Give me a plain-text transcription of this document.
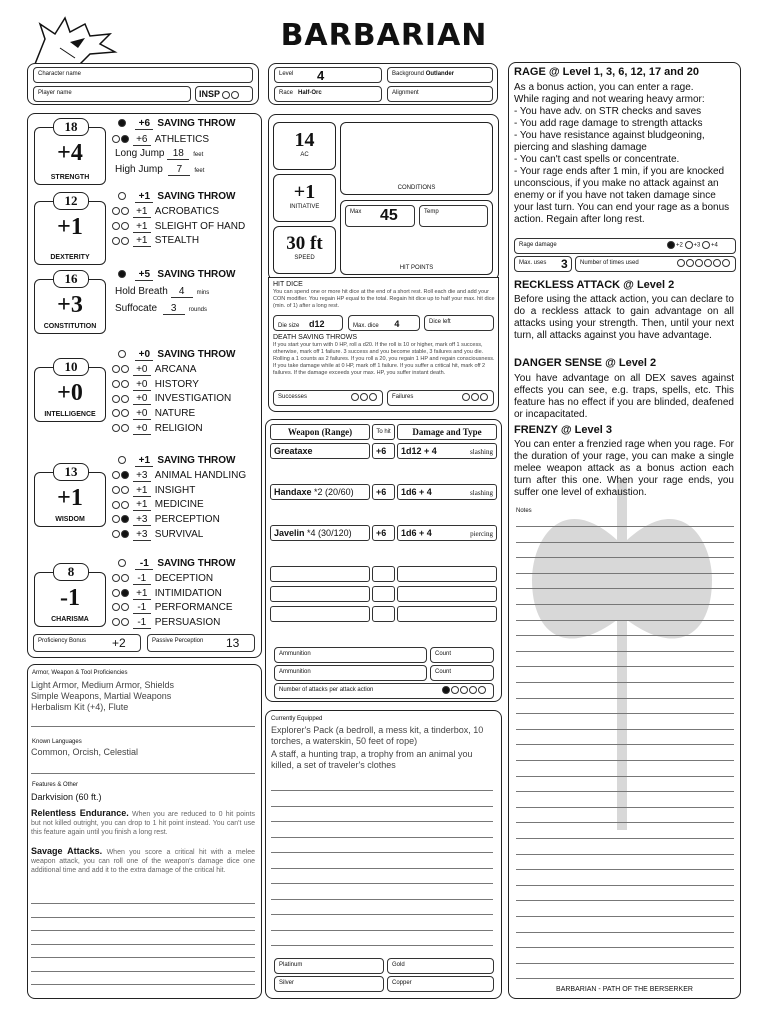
BARBARIAN
Character name
Player name	INSP
Level 4	Background Outlander
Race Half-Orc	Alignment
18
+4
STRENGTH
+6 SAVING THROW
+6 ATHLETICS
Long Jump 18 feet
High Jump 7 feet
12
+1
DEXTERITY
+1 SAVING THROW
+1 ACROBATICS
+1 SLEIGHT OF HAND
+1 STEALTH
16
+3
CONSTITUTION
+5 SAVING THROW
Hold Breath 4 mins
Suffocate 3 rounds
10
+0
INTELLIGENCE
+0 SAVING THROW
+0 ARCANA
+0 HISTORY
+0 INVESTIGATION
+0 NATURE
+0 RELIGION
13
+1
WISDOM
+1 SAVING THROW
+3 ANIMAL HANDLING
+1 INSIGHT
+1 MEDICINE
+3 PERCEPTION
+3 SURVIVAL
8
-1
CHARISMA
-1 SAVING THROW
-1 DECEPTION
+1 INTIMIDATION
-1 PERFORMANCE
-1 PERSUASION
Proficiency Bonus +2	Passive Perception 13
Armor, Weapon & Tool Proficiencies
Light Armor, Medium Armor, Shields
Simple Weapons, Martial Weapons
Herbalism Kit (+4), Flute
Known Languages
Common, Orcish, Celestial
Features & Other
Darkvision (60 ft.)
Relentless Endurance. When you are reduced to 0 hit points but not killed outright, you can drop to 1 hit point instead. You can't use this feature again until you finish a long rest.
Savage Attacks. When you score a critical hit with a melee weapon attack, you can roll one of the weapon's damage dice one additional time and add it to the extra damage of the critical hit.
14
AC
+1
INITIATIVE
30 ft
SPEED
CONDITIONS
HIT POINTS
Max 45	Temp
HIT DICE
You can spend one or more hit dice at the end of a short rest. Roll each die and add your CON modifier. You regain HP equal to the total. Regain hit dice up to half your max. hit dice (min. of 1) after a long rest.
Die size d12	Max. dice 4	Dice left
DEATH SAVING THROWS
If you start your turn with 0 HP, roll a d20. If the roll is 10 or higher, mark off 1 success, otherwise, mark off 1 failure. 3 success and you become stable, 3 failures and you die. Rolling a 1 counts as 2 failures. If you roll a 20, you regain 1 HP and regain consciousness. If you take damage while at 0 HP, mark off 1 failure. If you suffer a critical hit, mark off 2 failures. If the damage exceeds your max. HP, you suffer instant death.
Successes	Failures
Weapon (Range)	To hit	Damage and Type
Greataxe	+6	1d12 + 4	slashing
Handaxe *2 (20/60)	+6	1d6 + 4	slashing
Javelin *4 (30/120)	+6	1d6 + 4	piercing
Ammunition	Count
Ammunition	Count
Number of attacks per attack action
Currently Equipped
Explorer's Pack (a bedroll, a mess kit, a tinderbox, 10 torches, a waterskin, 50 feet of rope)
A staff, a hunting trap, a trophy from an animal you killed, a set of traveler's clothes
Platinum	Gold
Silver	Copper
RAGE @ Level 1, 3, 6, 12, 17 and 20
As a bonus action, you can enter a rage.
While raging and not wearing heavy armor:
- You have adv. on STR checks and saves
- You add rage damage to strength attacks
- You have resistance against bludgeoning, piercing and slashing damage
- You can't cast spells or concentrate.
- Your rage ends after 1 min, if you are knocked unconscious, if you make no attack against an enemy or if you have not taken damage since your last turn. You can end your rage as a bonus action. Regain after long rest.
Rage damage	+2 +3 +4
Max. uses 3	Number of times used
RECKLESS ATTACK @ Level 2
Before using the attack action, you can declare to do a reckless attack to gain advantage on all attacks using your strength. Then, until your next turn, all attacks against you have advantage.
DANGER SENSE @ Level 2
You have advantage on all DEX saves against effects you can see, e.g. traps, spells, etc. This feature has no effect if you are blinded, deafened or incapacitated.
FRENZY @ Level 3
You can enter a frenzied rage when you rage. For the duration of your rage, you can make a single melee weapon attack as a bonus action each turn after this one. When your rage ends, you suffer one level of exhaustion.
Notes
BARBARIAN - PATH OF THE BERSERKER
